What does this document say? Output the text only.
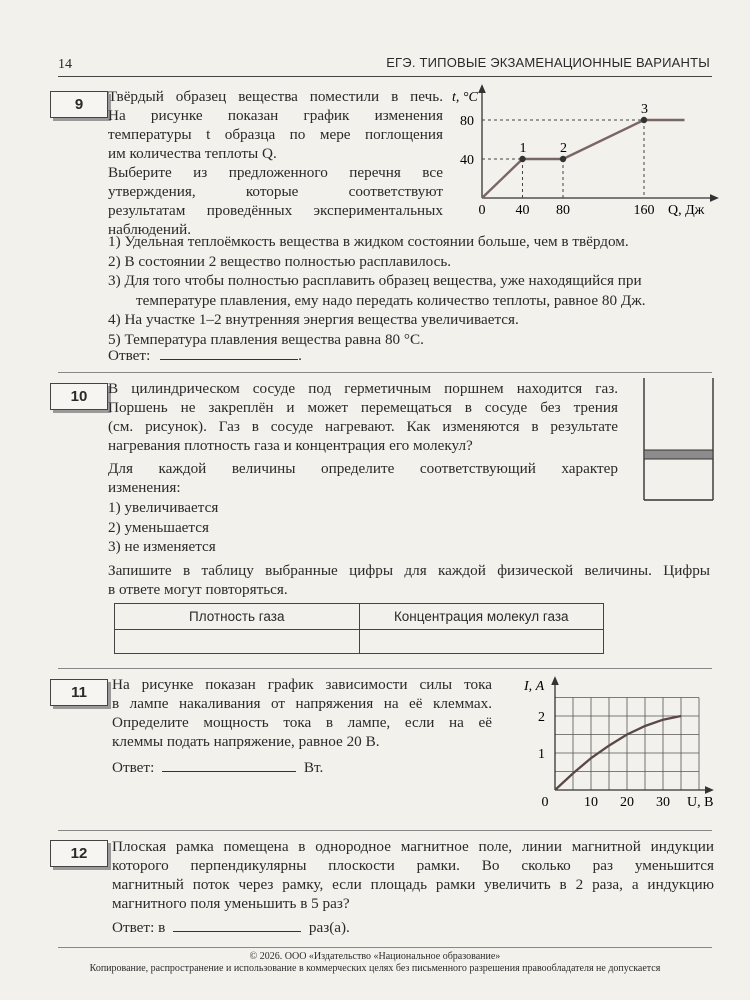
14	ЕГЭ. ТИПОВЫЕ ЭКЗАМЕНАЦИОННЫЕ ВАРИАНТЫ
9	Твёрдый образец вещества поместили в печь.

На рисунке показан график изменения

температуры t образца по мере поглощения

им количества теплоты Q.

Выберите из предложенного перечня все

утверждения, которые соответствуют

результатам проведённых экспериментальных

наблюдений.

1 2
3
0 40 80	160
40
80
t, °С
Q, Дж

1) Удельная теплоёмкость вещества в жидком состоянии больше, чем в твёрдом.

2) В состоянии 2 вещество полностью расплавилось.

3) Для того чтобы полностью расплавить образец вещества, уже находящийся при

температуре плавления, ему надо передать количество теплоты, равное 80 Дж.

4) На участке 1–2 внутренняя энергия вещества увеличивается.

5) Температура плавления вещества равна 80 °С.

Ответ:	.
10	В цилиндрическом сосуде под герметичным поршнем находится газ.

Поршень не закреплён и может перемещаться в сосуде без трения

(см. рисунок). Газ в сосуде нагревают. Как изменяются в результате

нагревания плотность газа и концентрация его молекул?

Для каждой величины определите соответствующий характер

изменения:

1) увеличивается

2) уменьшается

3) не изменяется

Запишите в таблицу выбранные цифры для каждой физической величины. Цифры

в ответе могут повторяться.

Плотность газа	Концентрация молекул газа

11	На рисунке показан график зависимости силы тока

в лампе накаливания от напряжения на её клеммах.

Определите мощность тока в лампе, если на её

клеммы подать напряжение, равное 20 В.

Ответ:	Вт.
0	10 20 30
1
2
I, А
U, В
12	Плоская рамка помещена в однородное магнитное поле, линии магнитной индукции

которого перпендикулярны плоскости рамки. Во сколько раз уменьшится

магнитный поток через рамку, если площадь рамки увеличить в 2 раза, а индукцию

магнитного поля уменьшить в 5 раз?

Ответ: в	раз(а).
© 2026. ООО «Издательство «Национальное образование»
Копирование, распространение и использование в коммерческих целях без письменного разрешения правообладателя не допускается
